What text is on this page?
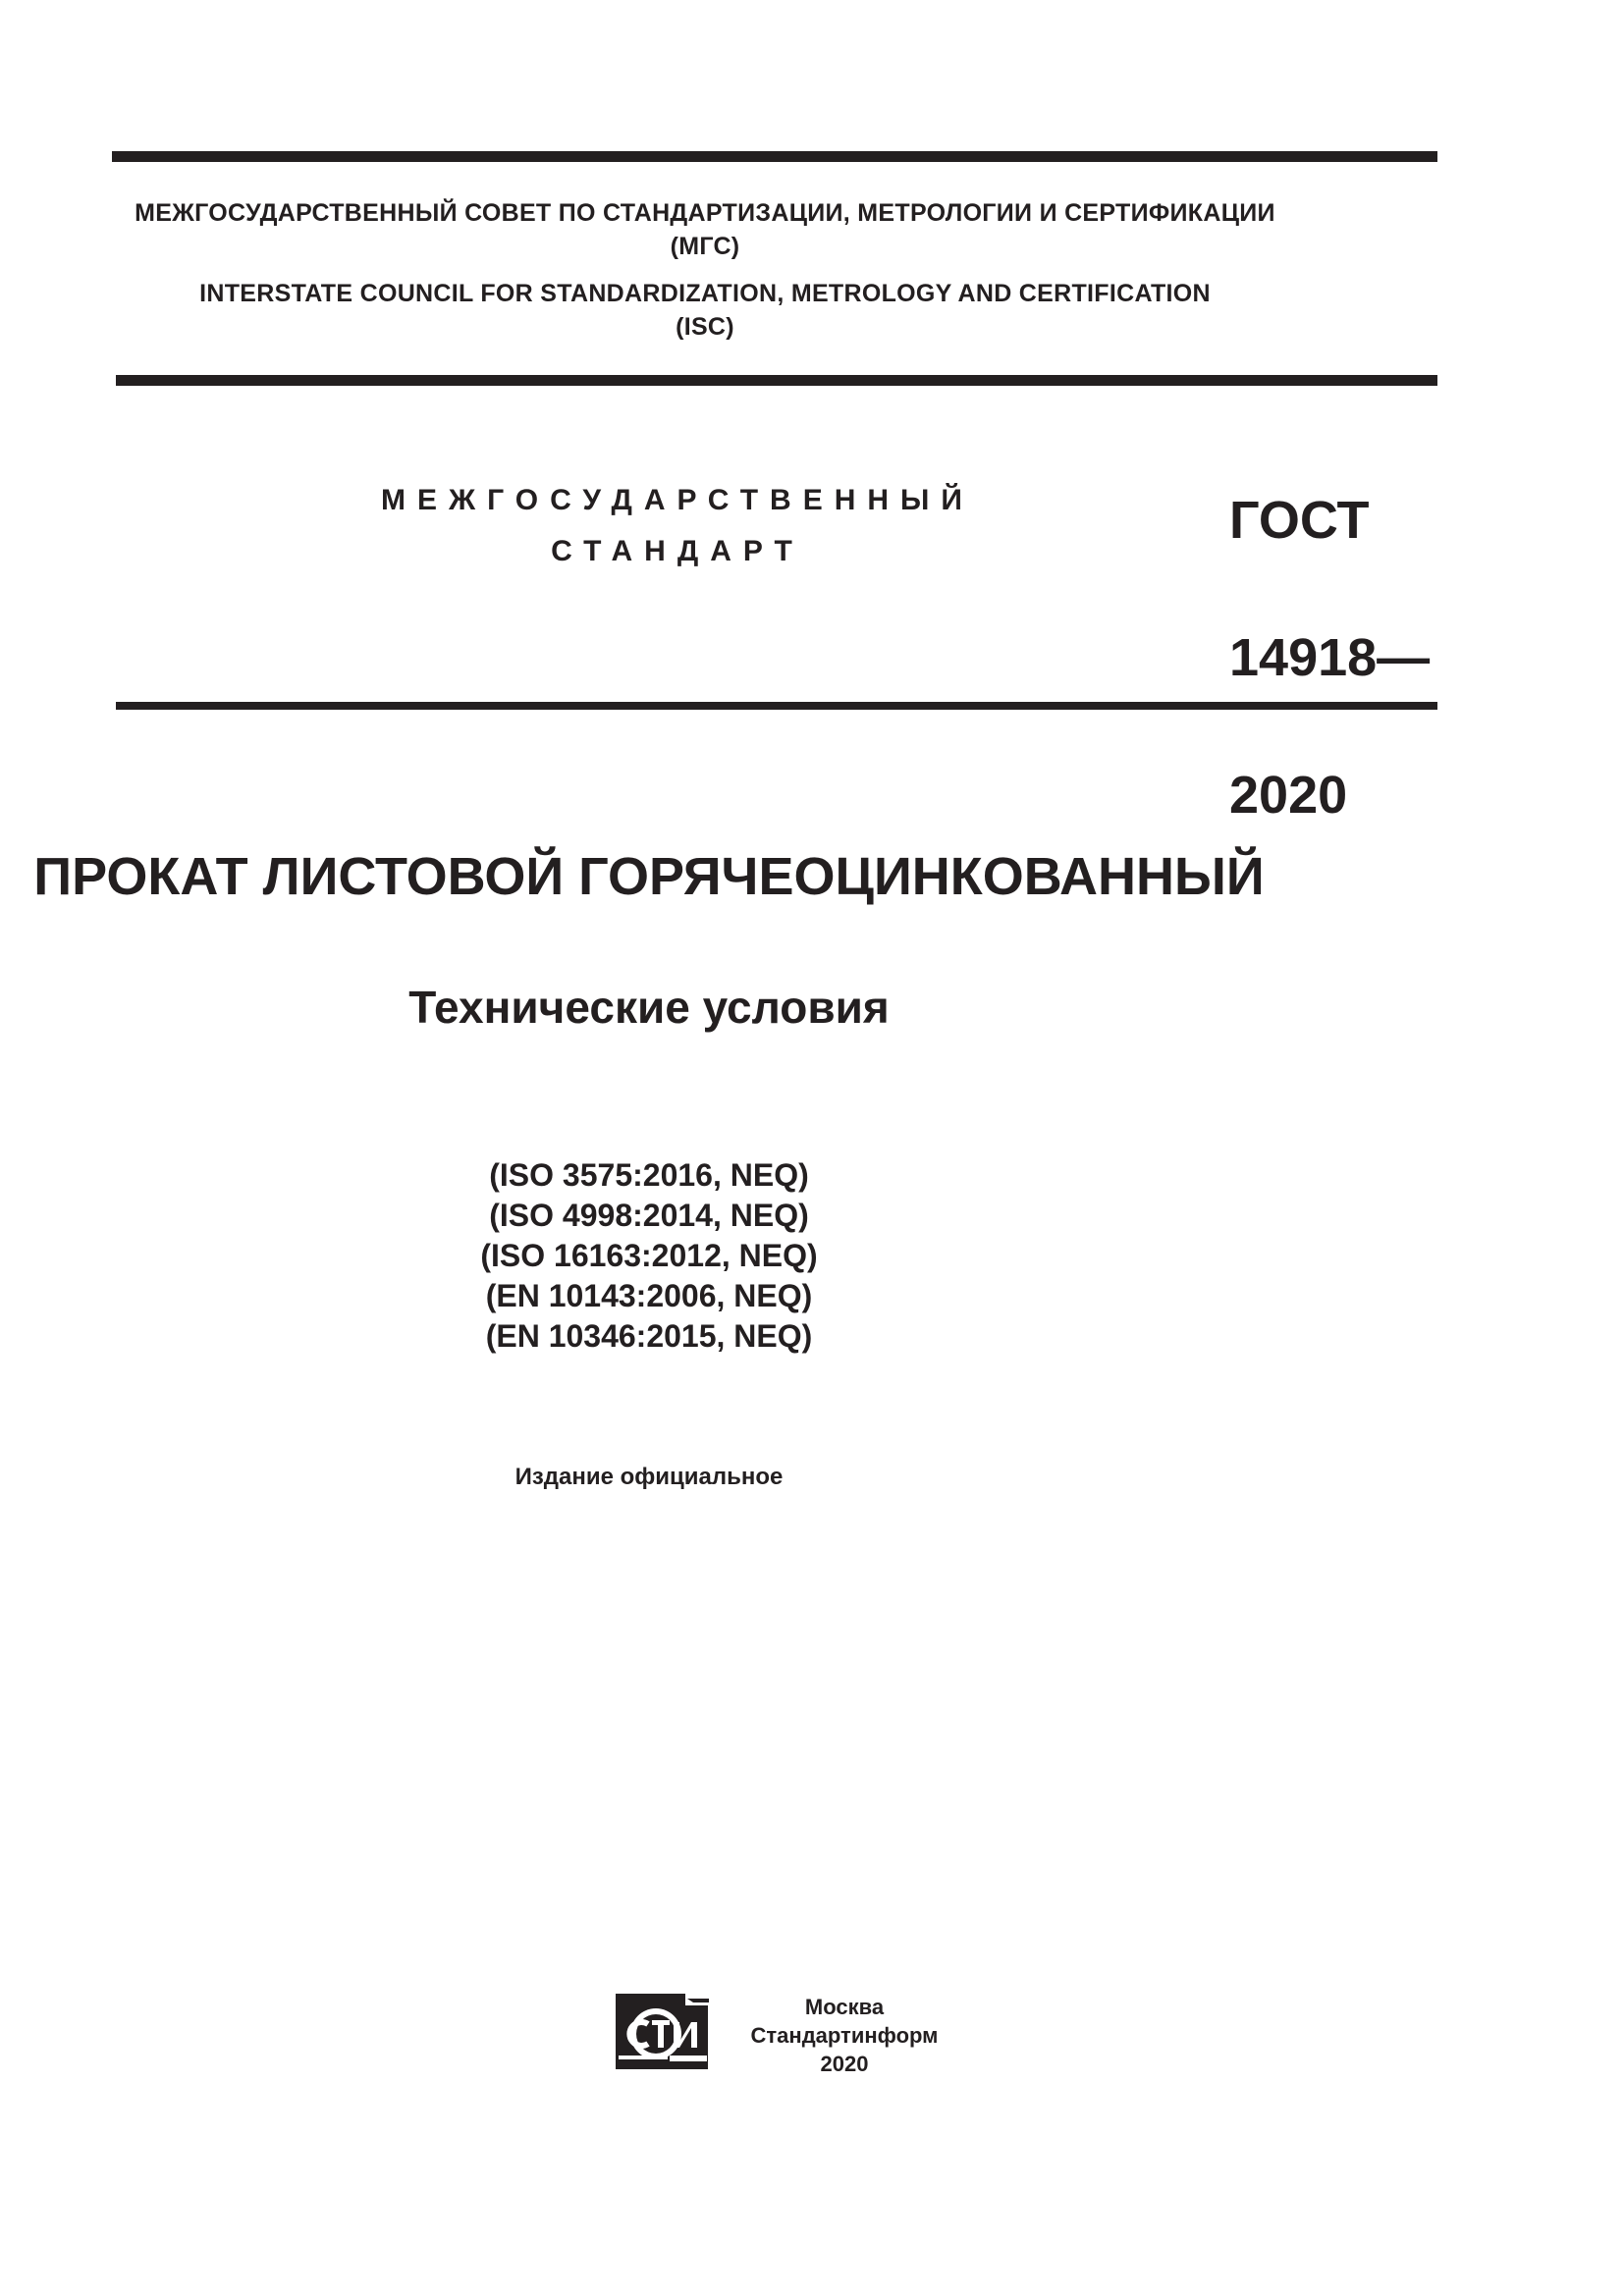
МЕЖГОСУДАРСТВЕННЫЙ СОВЕТ ПО СТАНДАРТИЗАЦИИ, МЕТРОЛОГИИ И СЕРТИФИКАЦИИ
(МГС)
INTERSTATE COUNCIL FOR STANDARDIZATION, METROLOGY AND CERTIFICATION
(ISC)
МЕЖГОСУДАРСТВЕННЫЙ
СТАНДАРТ

ГОСТ

14918—

2020

ПРОКАТ ЛИСТОВОЙ ГОРЯЧЕОЦИНКОВАННЫЙ
Технические условия
(ISO 3575:2016, NEQ)
(ISO 4998:2014, NEQ)
(ISO 16163:2012, NEQ)
(EN 10143:2006, NEQ)
(EN 10346:2015, NEQ)
Издание официальное
Москва
Стандартинформ
2020
